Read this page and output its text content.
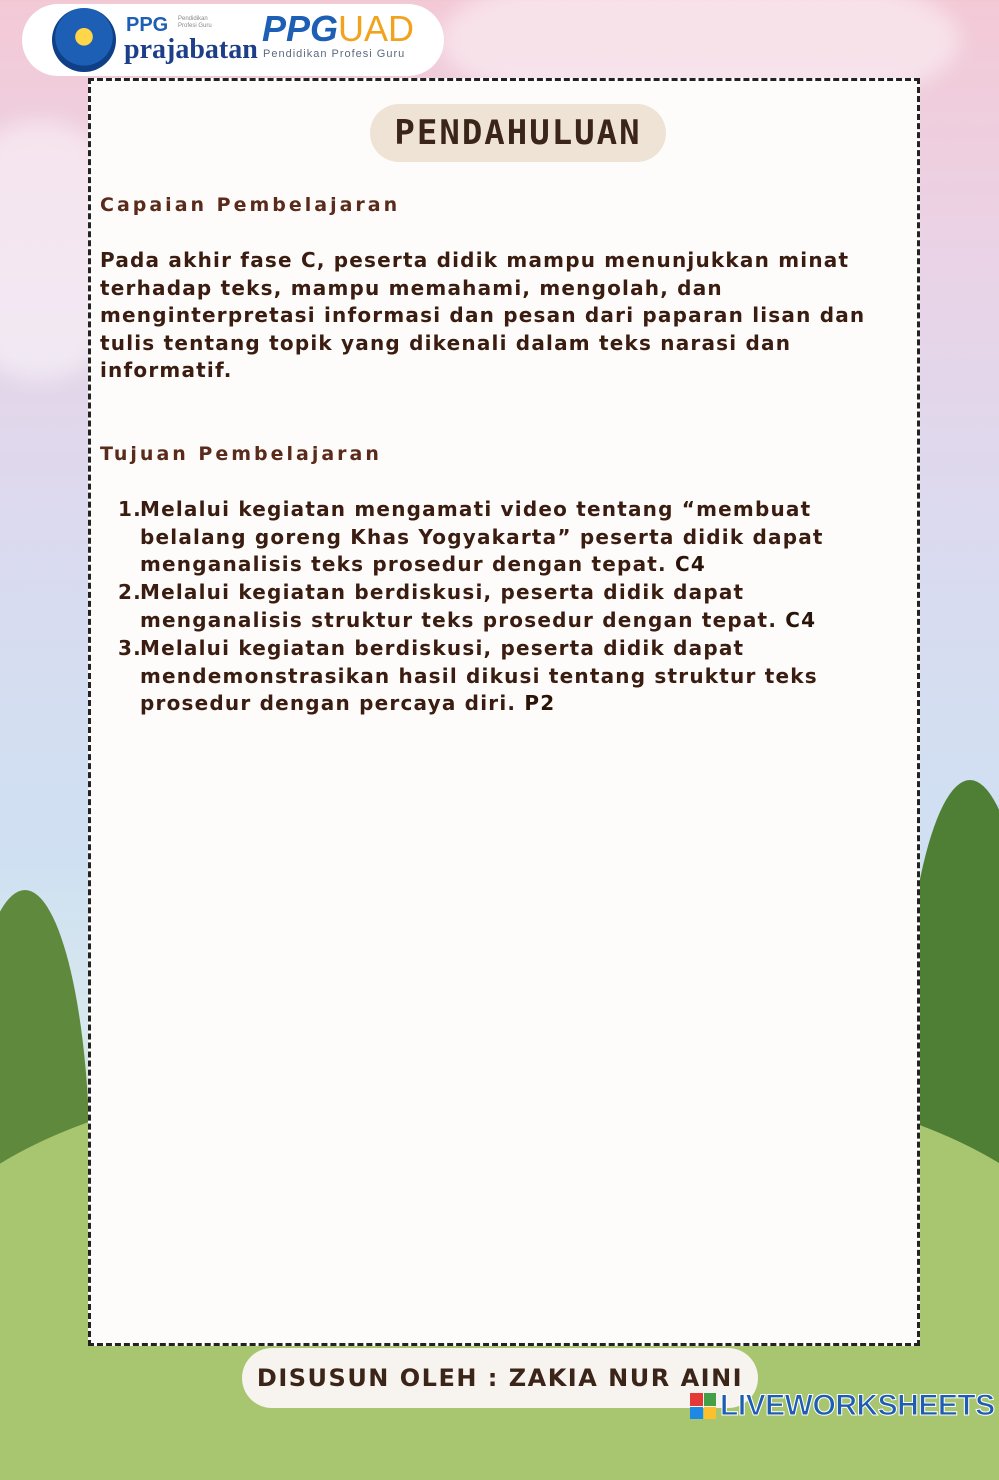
PPG Pendidikan Profesi Guru
prajabatan
PPGUAD
Pendidikan Profesi Guru
PENDAHULUAN
Capaian Pembelajaran
Pada akhir fase C, peserta didik mampu menunjukkan minat terhadap teks, mampu memahami, mengolah, dan menginterpretasi informasi dan pesan dari paparan lisan dan tulis tentang topik yang dikenali dalam teks narasi dan informatif.
Tujuan Pembelajaran
1.
Melalui kegiatan mengamati video tentang “membuat belalang goreng Khas Yogyakarta” peserta didik dapat menganalisis teks prosedur dengan tepat. C4
2.
Melalui kegiatan berdiskusi, peserta didik dapat menganalisis struktur teks prosedur dengan tepat. C4
3.
Melalui kegiatan berdiskusi, peserta didik dapat mendemonstrasikan hasil dikusi tentang struktur teks prosedur dengan percaya diri. P2
DISUSUN OLEH : ZAKIA NUR AINI
LIVEWORKSHEETS
